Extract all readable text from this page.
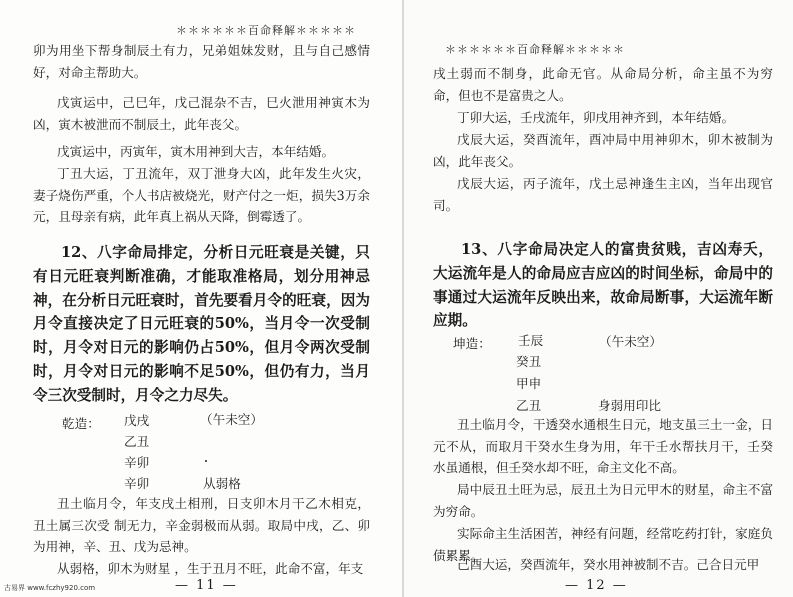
＊＊＊＊＊＊百命释解＊＊＊＊＊

卯为用坐下帮身制辰土有力，兄弟姐妹发财，且与自己感情好，对命主帮助大。

戊寅运中，己巳年，戊己混杂不吉，巳火泄用神寅木为凶，寅木被泄而不制辰土，此年丧父。

戊寅运中，丙寅年，寅木用神到大吉，本年结婚。

丁丑大运，丁丑流年，双丁泄身大凶，此年发生火灾，妻子烧伤严重，个人书店被烧光，财产付之一炬，损失3万余元，且母亲有病，此年真上祸从天降，倒霉透了。

12、八字命局排定，分析日元旺衰是关键，只有日元旺衰判断准确，才能取准格局，划分用神忌神，在分析日元旺衰时，首先要看月令的旺衰，因为月令直接决定了日元旺衰的50%，当月令一次受制时，月令对日元的影响仍占50%，但月令两次受制时，月令对日元的影响不足50%，但仍有力，当月令三次受制时，月令之力尽失。

乾造： 戊戌	（午未空）
乙丑
辛卯
辛卯	从弱格

丑土临月令，年支戌土相刑，日支卯木月干乙木相克，丑土属三次受 制无力，辛金弱极而从弱。取局中戌，乙、卯为用神，辛、丑、戊为忌神。

从弱格，卯木为财星 ，生于丑月不旺，此命不富，年支

— 11 —
＊＊＊＊＊＊百命释解＊＊＊＊＊

戌土弱而不制身，此命无官。从命局分析，命主虽不为穷命，但也不是富贵之人。

丁卯大运，壬戌流年，卯戌用神齐到，本年结婚。

戊辰大运，癸酉流年，酉冲局中用神卯木，卯木被制为凶，此年丧父。

戊辰大运，丙子流年，戊土忌神逢生主凶，当年出现官司。

13、八字命局决定人的富贵贫贱，吉凶寿夭，大运流年是人的命局应吉应凶的时间坐标，命局中的事通过大运流年反映出来，故命局断事，大运流年断应期。

坤造： 壬辰	（午未空）
癸丑
甲申
乙丑	身弱用印比

丑土临月令，干透癸水通根生日元，地支虽三土一金，日元不从，而取月干癸水生身为用，年干壬水帮扶月干，壬癸水虽通根，但壬癸水却不旺，命主文化不高。

局中辰丑土旺为忌，辰丑土为日元甲木的财星，命主不富为穷命。

实际命主生活困苦，神经有问题，经常吃药打针，家庭负债累累。

己酉大运，癸酉流年，癸水用神被制不吉。己合日元甲

— 12 —
古易界 www.fczhy920.com
